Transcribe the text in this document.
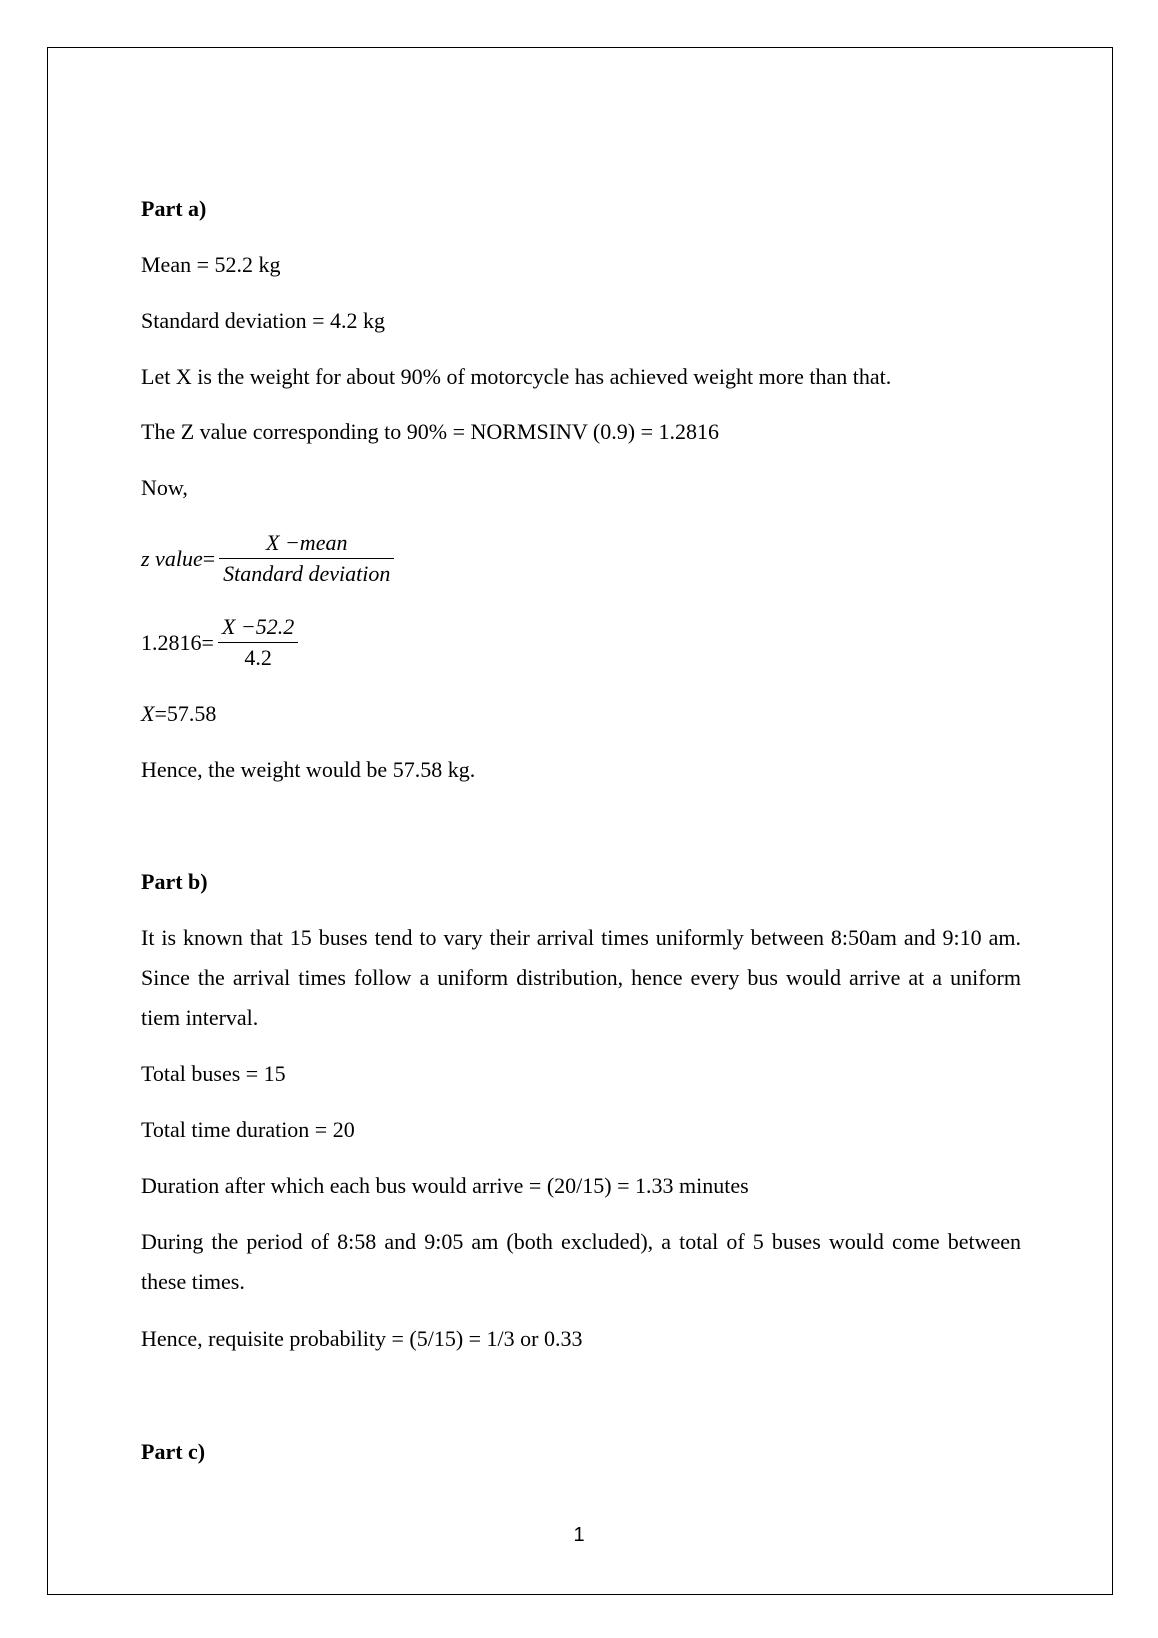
Part a)
Mean = 52.2 kg
Standard deviation = 4.2 kg
Let X is the weight for about 90% of motorcycle has achieved weight more than that.
The Z value corresponding to 90% = NORMSINV (0.9) = 1.2816
Now,
z value = $\frac{\text{X −mean}}{\text{Standard deviation}}$
$1.2816 = \frac{X -52.2}{4.2}$
X=57.58
Hence, the weight would be 57.58 kg.
Part b)
It is known that 15 buses tend to vary their arrival times uniformly between 8:50am and 9:10 am. Since the arrival times follow a uniform distribution, hence every bus would arrive at a uniform tiem interval.
Total buses = 15
Total time duration = 20
Duration after which each bus would arrive = (20/15) = 1.33 minutes
During the period of 8:58 and 9:05 am (both excluded), a total of 5 buses would come between these times.
Hence, requisite probability = (5/15) = 1/3 or 0.33
Part c)
1
